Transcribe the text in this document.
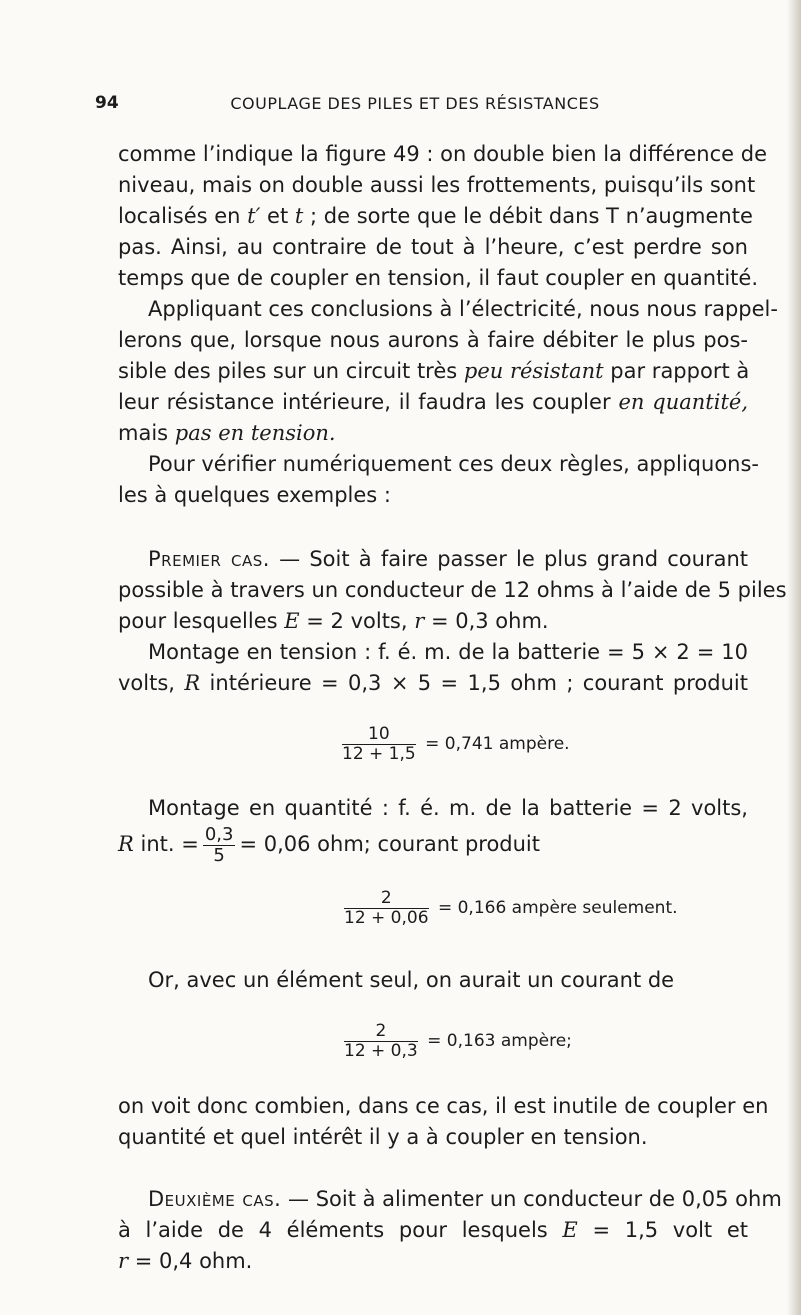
94	COUPLAGE DES PILES ET DES RÉSISTANCES
comme l’indique la figure 49 : on double bien la différence de
niveau, mais on double aussi les frottements, puisqu’ils sont
localisés en t′ et t ; de sorte que le débit dans T n’augmente
pas. Ainsi, au contraire de tout à l’heure, c’est perdre son
temps que de coupler en tension, il faut coupler en quantité.
Appliquant ces conclusions à l’électricité, nous nous rappel-
lerons que, lorsque nous aurons à faire débiter le plus pos-
sible des piles sur un circuit très peu résistant par rapport à
leur résistance intérieure, il faudra les coupler en quantité,
mais pas en tension.
Pour vérifier numériquement ces deux règles, appliquons-
les à quelques exemples :
Premier cas. — Soit à faire passer le plus grand courant
possible à travers un conducteur de 12 ohms à l’aide de 5 piles
pour lesquelles E = 2 volts, r = 0,3 ohm.
Montage en tension : f. é. m. de la batterie = 5 × 2 = 10
volts, R intérieure = 0,3 × 5 = 1,5 ohm ; courant produit
$\frac{10}{12 + 1,5} = 0,741$ ampère.
Montage en quantité : f. é. m. de la batterie = 2 volts,
R int. = $\frac{0,3}{5} = 0,06$ ohm; courant produit
$\frac{2}{12 + 0,06} = 0,166$ ampère seulement.
Or, avec un élément seul, on aurait un courant de
$\frac{2}{12 + 0,3} = 0,163$ ampère;
on voit donc combien, dans ce cas, il est inutile de coupler en
quantité et quel intérêt il y a à coupler en tension.
Deuxième cas. — Soit à alimenter un conducteur de 0,05 ohm
à l’aide de 4 éléments pour lesquels E = 1,5 volt et
r = 0,4 ohm.
